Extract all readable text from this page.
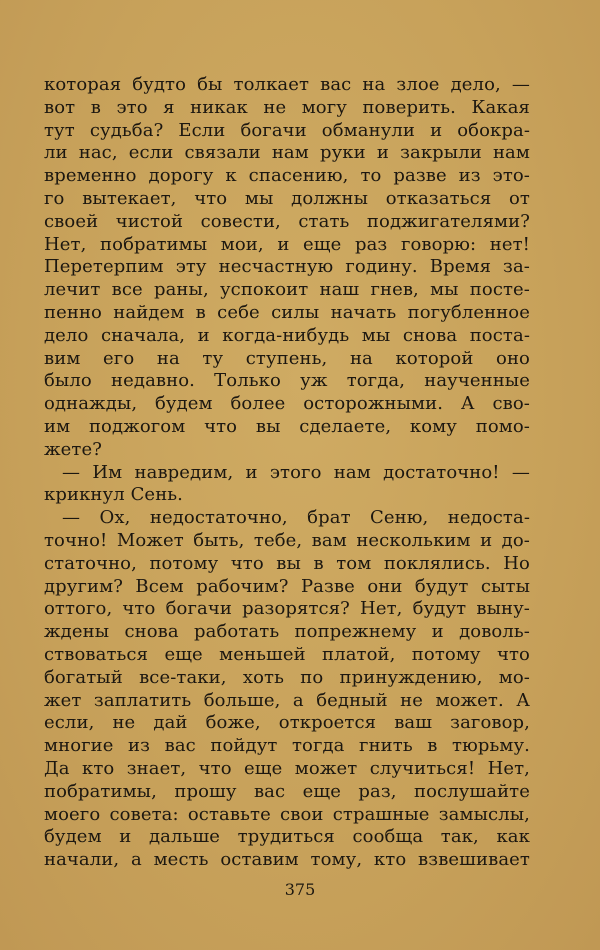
которая будто бы толкает вас на злое дело, —
вот в это я никак не могу поверить. Какая
тут судьба? Если богачи обманули и обокра-
ли нас, если связали нам руки и закрыли нам
временно дорогу к спасению, то разве из это-
го вытекает, что мы должны отказаться от
своей чистой совести, стать поджигателями?
Нет, побратимы мои, и еще раз говорю: нет!
Перетерпим эту несчастную годину. Время за-
лечит все раны, успокоит наш гнев, мы посте-
пенно найдем в себе силы начать погубленное
дело сначала, и когда-нибудь мы снова поста-
вим его на ту ступень, на которой оно
было недавно. Только уж тогда, наученные
однажды, будем более осторожными. А сво-
им поджогом что вы сделаете, кому помо-
жете?
— Им навредим, и этого нам достаточно! —
крикнул Сень.
— Ох, недостаточно, брат Сеню, недоста-
точно! Может быть, тебе, вам нескольким и до-
статочно, потому что вы в том поклялись. Но
другим? Всем рабочим? Разве они будут сыты
оттого, что богачи разорятся? Нет, будут выну-
ждены снова работать попрежнему и доволь-
ствоваться еще меньшей платой, потому что
богатый все-таки, хоть по принуждению, мо-
жет заплатить больше, а бедный не может. А
если, не дай боже, откроется ваш заговор,
многие из вас пойдут тогда гнить в тюрьму.
Да кто знает, что еще может случиться! Нет,
побратимы, прошу вас еще раз, послушайте
моего совета: оставьте свои страшные замыслы,
будем и дальше трудиться сообща так, как
начали, а месть оставим тому, кто взвешивает
375
